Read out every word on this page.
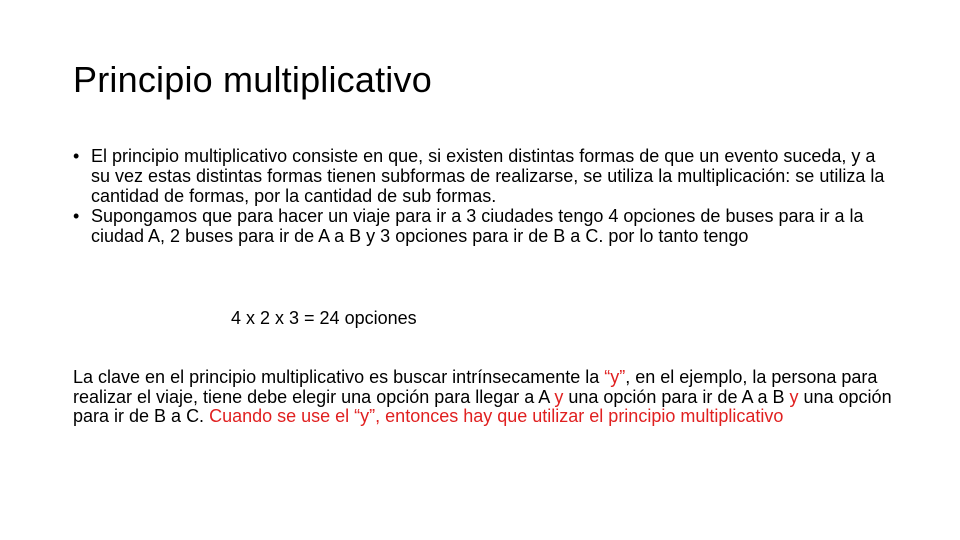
Principio multiplicativo
• El principio multiplicativo consiste en que, si existen distintas formas de que un evento suceda, y a su vez estas distintas formas tienen subformas de realizarse, se utiliza la multiplicación: se utiliza la cantidad de formas, por la cantidad de sub formas.
• Supongamos que para hacer un viaje para ir a 3 ciudades tengo 4 opciones de buses para ir a la ciudad A, 2 buses para ir de A a B y 3 opciones para ir de B a C. por lo tanto tengo
4 x 2 x 3 = 24 opciones

La clave en el principio multiplicativo es buscar intrínsecamente la “y”, en el ejemplo, la persona para realizar el viaje, tiene debe elegir una opción para llegar a A y una opción para ir de A a B y una opción para ir de B a C. Cuando se use el “y”, entonces hay que utilizar el principio multiplicativo
